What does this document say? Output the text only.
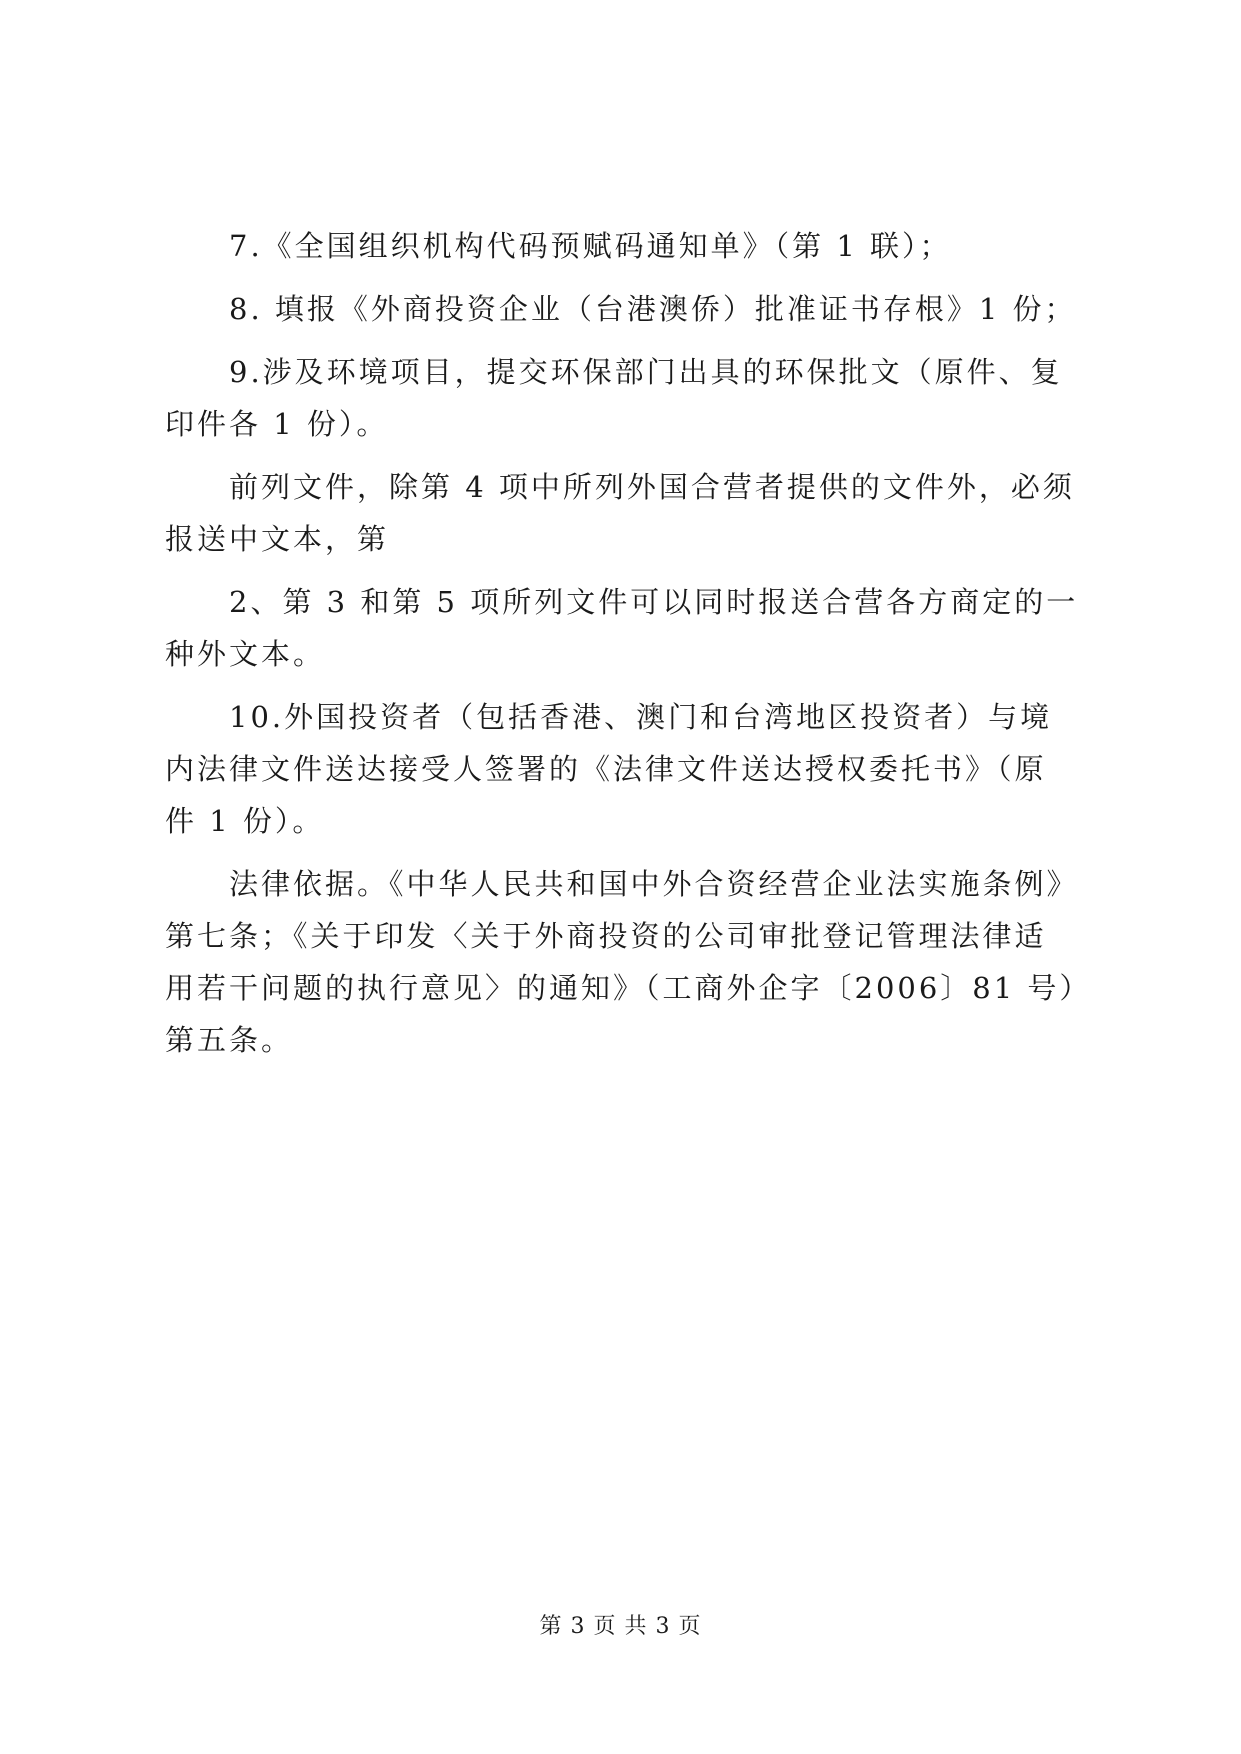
7.《全国组织机构代码预赋码通知单》（第 1 联）；
8. 填报《外商投资企业（台港澳侨）批准证书存根》1 份；
9.涉及环境项目，提交环保部门出具的环保批文（原件、复
印件各 1 份）。
前列文件，除第 4 项中所列外国合营者提供的文件外，必须
报送中文本，第
2、第 3 和第 5 项所列文件可以同时报送合营各方商定的一
种外文本。
10.外国投资者（包括香港、澳门和台湾地区投资者）与境
内法律文件送达接受人签署的《法律文件送达授权委托书》（原
件 1 份）。
法律依据。《中华人民共和国中外合资经营企业法实施条例》
第七条；《关于印发〈关于外商投资的公司审批登记管理法律适
用若干问题的执行意见〉的通知》（工商外企字〔2006〕81 号）
第五条。
第 3 页 共 3 页
